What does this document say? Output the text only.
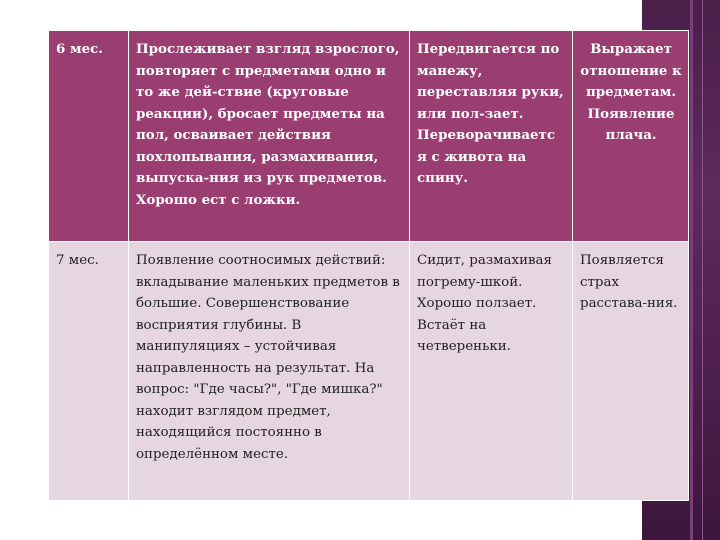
6 мес.	Прослеживает взгляд взрослого, повторяет с предметами одно и то же дей-ствие (круговые реакции), бросает предметы на пол, осваивает действия похлопывания, размахивания, выпуска-ния из рук предметов. Хорошо ест с ложки.	Передвигается по манежу, переставляя руки, или пол-зает. Переворачиваетс я с живота на спину.	Выражает отношение к предметам. Появление плача.
7 мес.	Появление соотносимых действий: вкладывание маленьких предметов в большие. Совершенствование восприятия глубины. В манипуляциях – устойчивая направленность на результат. На вопрос: "Где часы?", "Где мишка?" находит взглядом предмет, находящийся постоянно в определённом месте.	Сидит, размахивая погрему-шкой. Хорошо ползает. Встаёт на четвереньки.	Появляется страх расстава-ния.
